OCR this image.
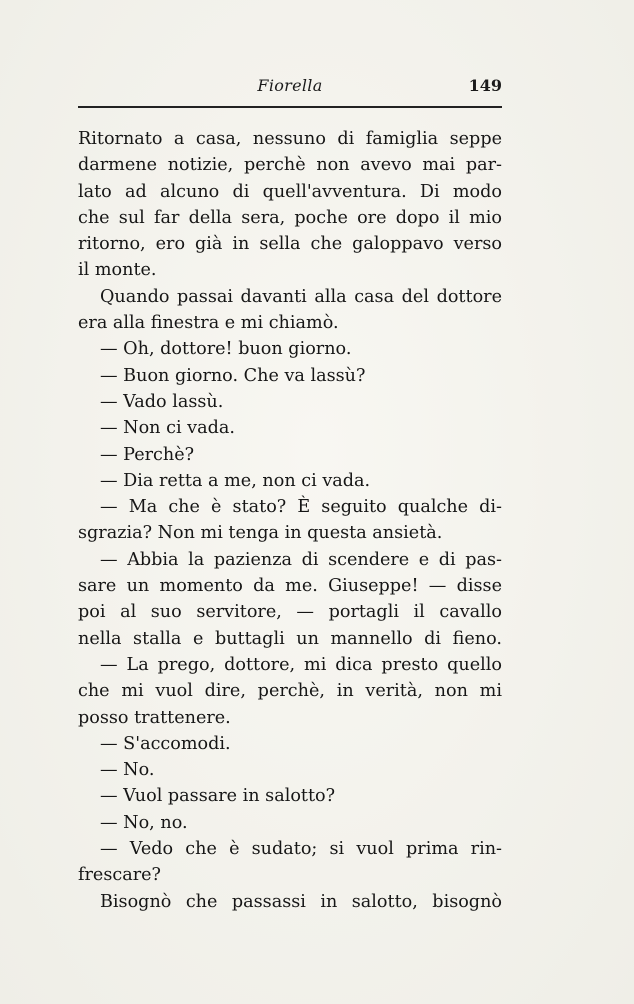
Fiorella	149
Ritornato a casa, nessuno di famiglia seppe
darmene notizie, perchè non avevo mai par-
lato ad alcuno di quell'avventura. Di modo
che sul far della sera, poche ore dopo il mio
ritorno, ero già in sella che galoppavo verso
il monte.
Quando passai davanti alla casa del dottore
era alla finestra e mi chiamò.
— Oh, dottore! buon giorno.
— Buon giorno. Che va lassù?
— Vado lassù.
— Non ci vada.
— Perchè?
— Dia retta a me, non ci vada.
— Ma che è stato? È seguito qualche di-
sgrazia? Non mi tenga in questa ansietà.
— Abbia la pazienza di scendere e di pas-
sare un momento da me. Giuseppe! — disse
poi al suo servitore, — portagli il cavallo
nella stalla e buttagli un mannello di fieno.
— La prego, dottore, mi dica presto quello
che mi vuol dire, perchè, in verità, non mi
posso trattenere.
— S'accomodi.
— No.
— Vuol passare in salotto?
— No, no.
— Vedo che è sudato; si vuol prima rin-
frescare?
Bisognò che passassi in salotto, bisognò
